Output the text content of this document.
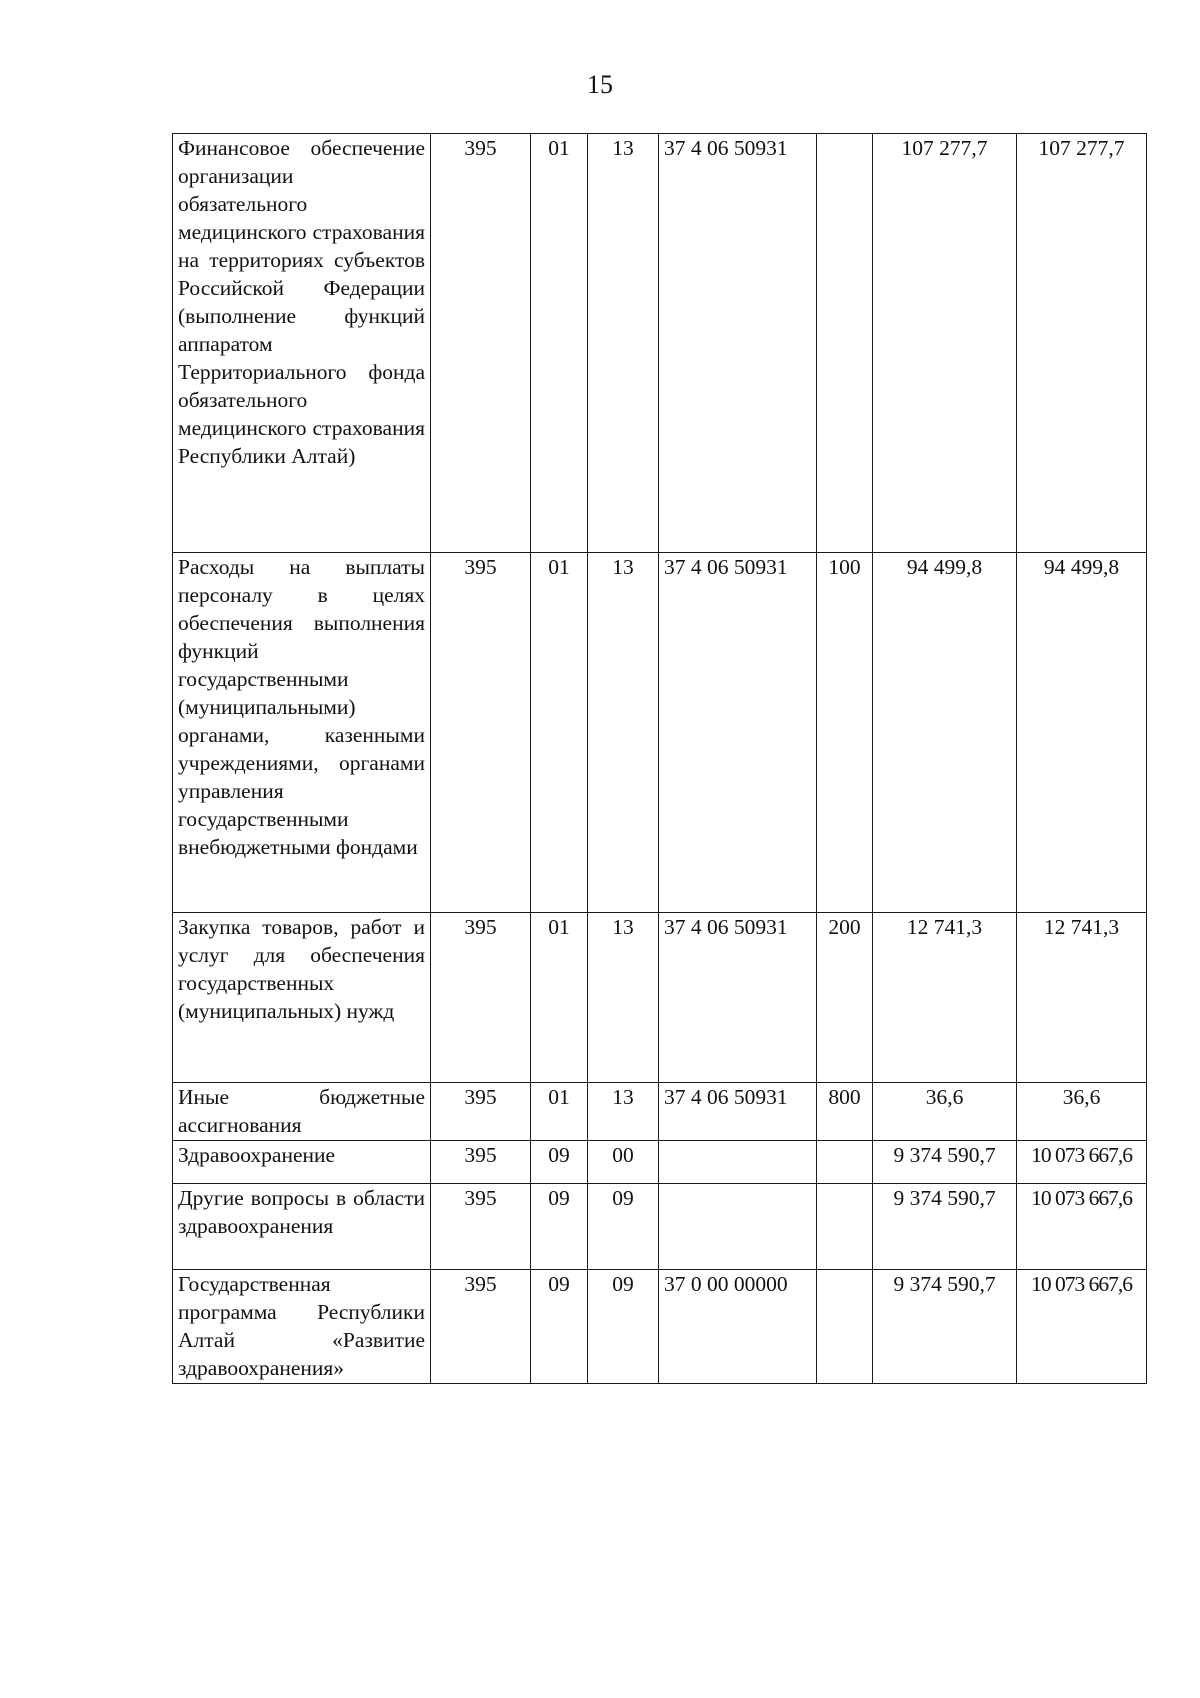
15
Финансовое обеспечение организации обязательного медицинского страхования на территориях субъектов Российской Федерации (выполнение функций аппаратом Территориального фонда обязательного медицинского страхования Республики Алтай)	395	01	13	37 4 06 50931		107 277,7	107 277,7
Расходы на выплаты персоналу в целях обеспечения выполнения функций государственными (муниципальными) органами, казенными учреждениями, органами управления государственными внебюджетными фондами	395	01	13	37 4 06 50931	100	94 499,8	94 499,8
Закупка товаров, работ и услуг для обеспечения государственных (муниципальных) нужд	395	01	13	37 4 06 50931	200	12 741,3	12 741,3
Иные бюджетные ассигнования	395	01	13	37 4 06 50931	800	36,6	36,6
Здравоохранение	395	09	00			9 374 590,7	10 073 667,6
Другие вопросы в области здравоохранения	395	09	09			9 374 590,7	10 073 667,6
Государственная программа Республики Алтай «Развитие здравоохранения»	395	09	09	37 0 00 00000		9 374 590,7	10 073 667,6
